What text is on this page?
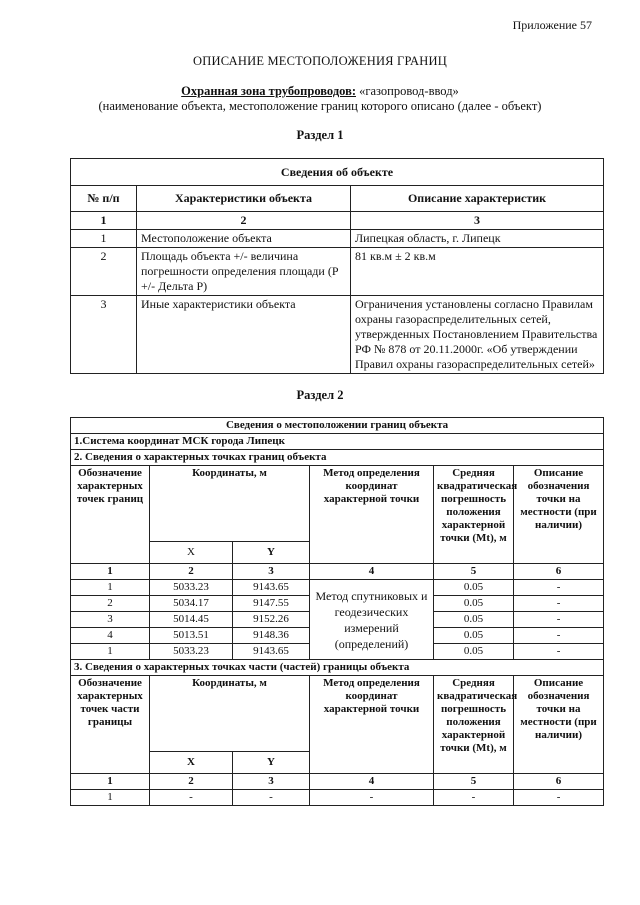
Приложение 57
ОПИСАНИЕ МЕСТОПОЛОЖЕНИЯ ГРАНИЦ
Охранная зона трубопроводов: «газопровод-ввод»
(наименование объекта, местоположение границ которого описано (далее - объект)
Раздел 1
Сведения об объекте		
№ п/п	Характеристики объекта	Описание характеристик
1	2	3
1	Местоположение объекта	Липецкая область, г. Липецк
2	Площадь объекта +/- величина погрешности определения площади (Р +/- Дельта Р)	81 кв.м ± 2 кв.м
3	Иные характеристики объекта	Ограничения установлены согласно Правилам охраны газораспределительных сетей, утвержденных Постановлением Правительства РФ № 878 от 20.11.2000г. «Об утверждении Правил охраны газораспределительных сетей»
Раздел 2
Сведения о местоположении границ объекта					
1.Система координат МСК города Липецк					
2. Сведения о характерных точках границ объекта					
Обозначение характерных точек границ	Координаты, м		Метод определения координат характерной точки	Средняя квадратическая погрешность положения характерной точки (Mt), м	Описание обозначения точки на местности (при наличии)
	X	Y			
1	2	3	4	5	6
1	5033.23	9143.65	Метод спутниковых и геодезических измерений (определений)	0.05	-
2	5034.17	9147.55		0.05	-
3	5014.45	9152.26		0.05	-
4	5013.51	9148.36		0.05	-
1	5033.23	9143.65		0.05	-
3. Сведения о характерных точках части (частей) границы объекта					
Обозначение характерных точек части границы	Координаты, м		Метод определения координат характерной точки	Средняя квадратическая погрешность положения характерной точки (Mt), м	Описание обозначения точки на местности (при наличии)
	X	Y			
1	2	3	4	5	6
1	-	-	-	-	-
